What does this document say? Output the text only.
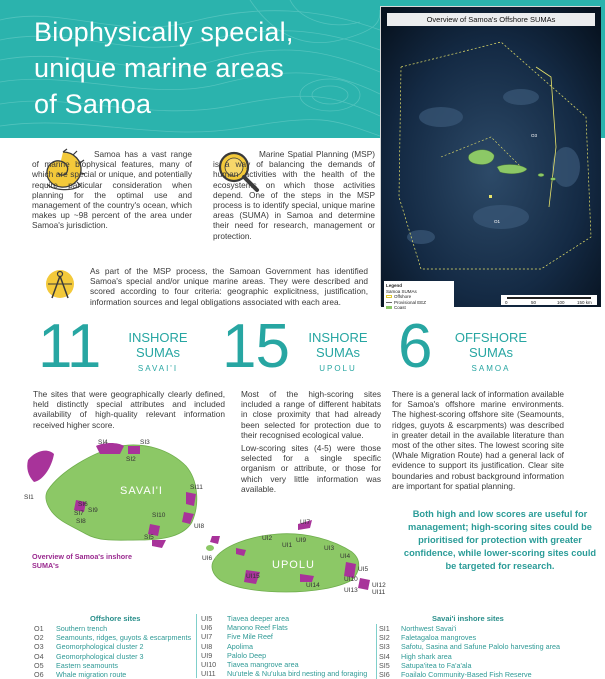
Biophysically special,
unique marine areas
of Samoa
O1
O3
Overview of Samoa's Offshore SUMAs
Legend
Samoa SUMAs
Offshore
Provisional EEZ
Coast
0	50	100	150 km

Samoa has a vast range of marine biophysical features, many of which are special or unique, and potentially require particular consideration when planning for the optimal use and management of the country's ocean, which makes up ~98 percent of the area under Samoa's jurisdiction.

Marine Spatial Planning (MSP) is a way of balancing the demands of human activities with the health of the ecosystems on which those activities depend. One of the steps in the MSP process is to identify special, unique marine areas (SUMA) in Samoa and determine their need for research, management or protection.

As part of the MSP process, the Samoan Government has identified Samoa's special and/or unique marine areas. They were described and scored according to four criteria: geographic explicitness, justification, information sources and legal obligations associated with each area.

11	INSHORE
SUMAs
SAVAI'I 15	INSHORE
SUMAs
UPOLU 6	OFFSHORE
SUMAs
SAMOA

The sites that were geographically clearly defined, held distinctly special attributes and included availability of high-quality relevant information received higher score.

Most of the high-scoring sites included a range of different habitats in close proximity that had already been selected for protection due to their recognised ecological value.

Low-scoring sites (4-5) were those selected for a single specific organism or attribute, or those for which very little information was available.

There is a general lack of information available for Samoa's offshore marine environments. The highest-scoring offshore site (Seamounts, ridges, guyots & escarpments) was described in greater detail in the available literature than most of the other sites. The lowest scoring site (Whale Migration Route) had a general lack of evidence to support its justification. Clear site boundaries and robust background information are important for spatial planning.

Both high and low scores are useful for management; high-scoring sites could be prioritised for protection with greater confidence, while lower-scoring sites could be targeted for research.

SAVAI'I
UPOLU
SI1
SI2
SI3
SI4
SI5
SI6
SI7
SI8
SI9
SI10
SI11
UI1
UI2
UI3
UI4
UI5
UI6
UI7
UI8
UI9
UI10
UI11
UI12
UI13
UI14
UI15

Overview of Samoa's inshore SUMA's

Offshore sites
O1	Southern trench
O2	Seamounts, ridges, guyots & escarpments
O3	Geomorphological cluster 2
O4	Geomorphological cluster 3
O5	Eastern seamounts
O6	Whale migration route
UI5	Tiavea deeper area
UI6	Manono Reef Flats
UI7	Five Mile Reef
UI8	Apolima
UI9	Palolo Deep
UI10	Tiavea mangrove area
UI11	Nu'utele & Nu'ulua bird nesting and foraging
Savai'i inshore sites
SI1	Northwest Savai'i
SI2	Faletagaloa mangroves
SI3	Safotu, Sasina and Safune Palolo harvesting area
SI4	High shark area
SI5	Satupa'itea to Fa'a'ala
SI6	Foailalo Community-Based Fish Reserve
